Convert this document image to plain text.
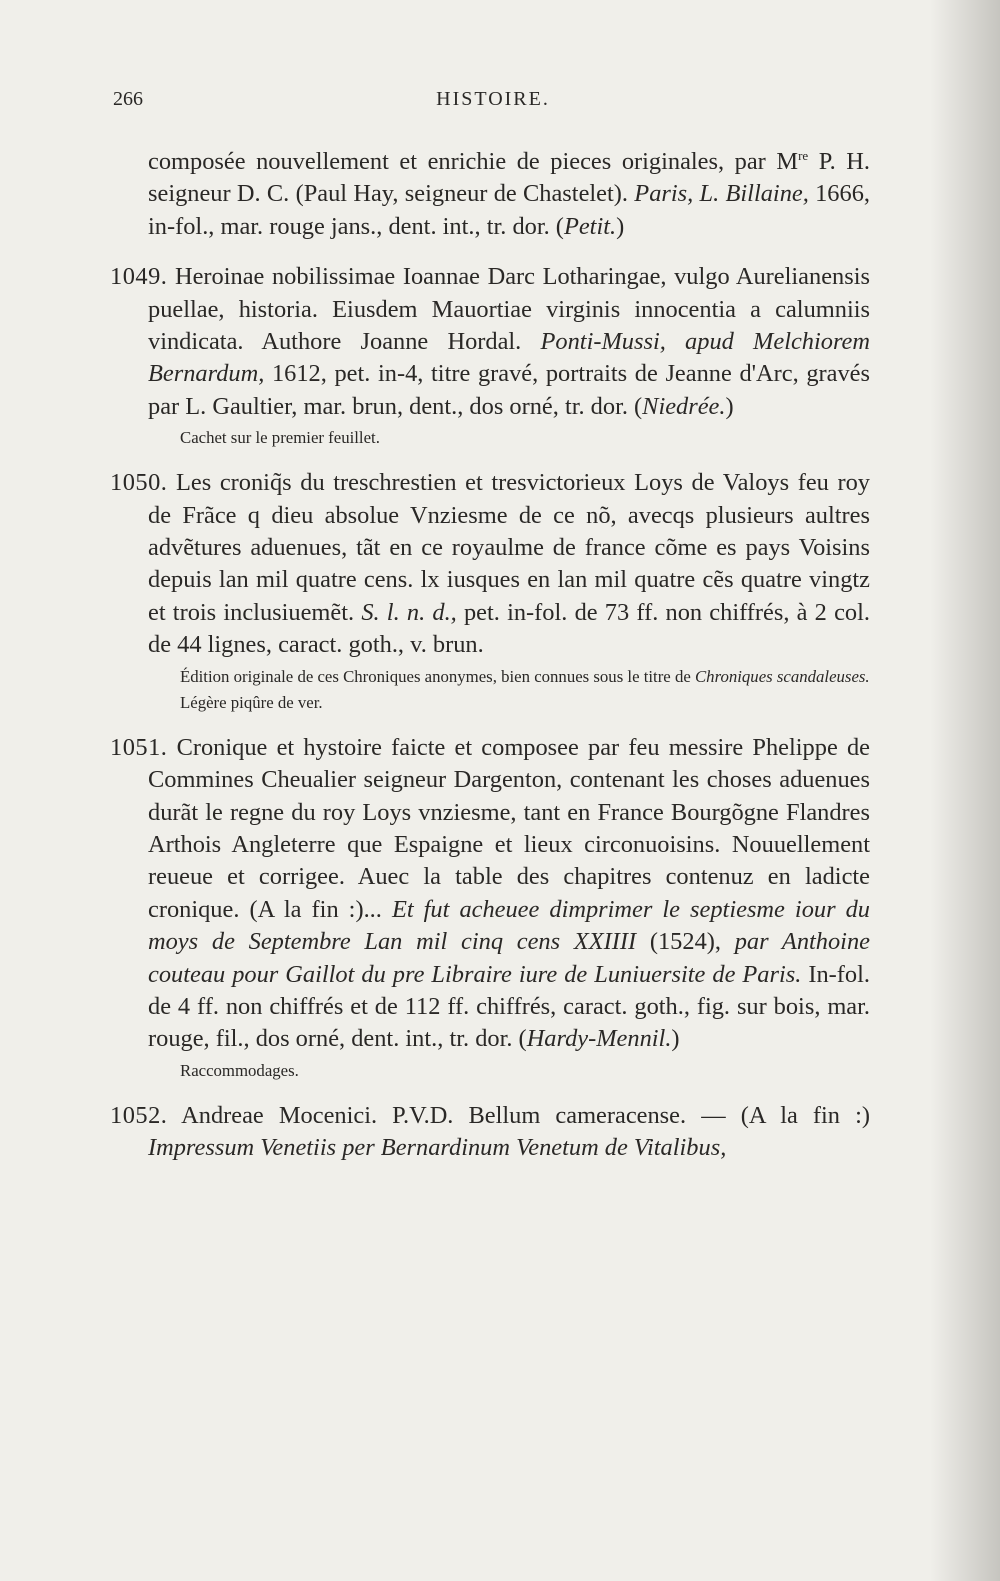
266	HISTOIRE.

composée nouvellement et enrichie de pieces originales, par Mre P. H. seigneur D. C. (Paul Hay, seigneur de Chastelet). Paris, L. Billaine, 1666, in-fol., mar. rouge jans., dent. int., tr. dor. (Petit.)

1049. Heroinae nobilissimae Ioannae Darc Lotharingae, vulgo Aurelianensis puellae, historia. Eiusdem Mauortiae virginis innocentia a calumniis vindicata. Authore Joanne Hordal. Ponti-Mussi, apud Melchiorem Bernardum, 1612, pet. in-4, titre gravé, portraits de Jeanne d'Arc, gravés par L. Gaultier, mar. brun, dent., dos orné, tr. dor. (Niedrée.)

Cachet sur le premier feuillet.

1050. Les croniq̃s du treschrestien et tresvictorieux Loys de Valoys feu roy de Frãce q dieu absolue Vnziesme de ce nõ, avecqs plusieurs aultres advẽtures aduenues, tãt en ce royaulme de france cõme es pays Voisins depuis lan mil quatre cens. lx iusques en lan mil quatre cẽs quatre vingtz et trois inclusiuemẽt. S. l. n. d., pet. in-fol. de 73 ff. non chiffrés, à 2 col. de 44 lignes, caract. goth., v. brun.

Édition originale de ces Chroniques anonymes, bien connues sous le titre de Chroniques scandaleuses.
Légère piqûre de ver.

1051. Cronique et hystoire faicte et composee par feu messire Phelippe de Commines Cheualier seigneur Dargenton, contenant les choses aduenues durãt le regne du roy Loys vnziesme, tant en France Bourgõgne Flandres Arthois Angleterre que Espaigne et lieux circonuoisins. Nouuellement reueue et corrigee. Auec la table des chapitres contenuz en ladicte cronique. (A la fin :)... Et fut acheuee dimprimer le septiesme iour du moys de Septembre Lan mil cinq cens XXIIII (1524), par Anthoine couteau pour Gaillot du pre Libraire iure de Luniuersite de Paris. In-fol. de 4 ff. non chiffrés et de 112 ff. chiffrés, caract. goth., fig. sur bois, mar. rouge, fil., dos orné, dent. int., tr. dor. (Hardy-Mennil.)

Raccommodages.

1052. Andreae Mocenici. P.V.D. Bellum cameracense. — (A la fin :) Impressum Venetiis per Bernardinum Venetum de Vitalibus,
